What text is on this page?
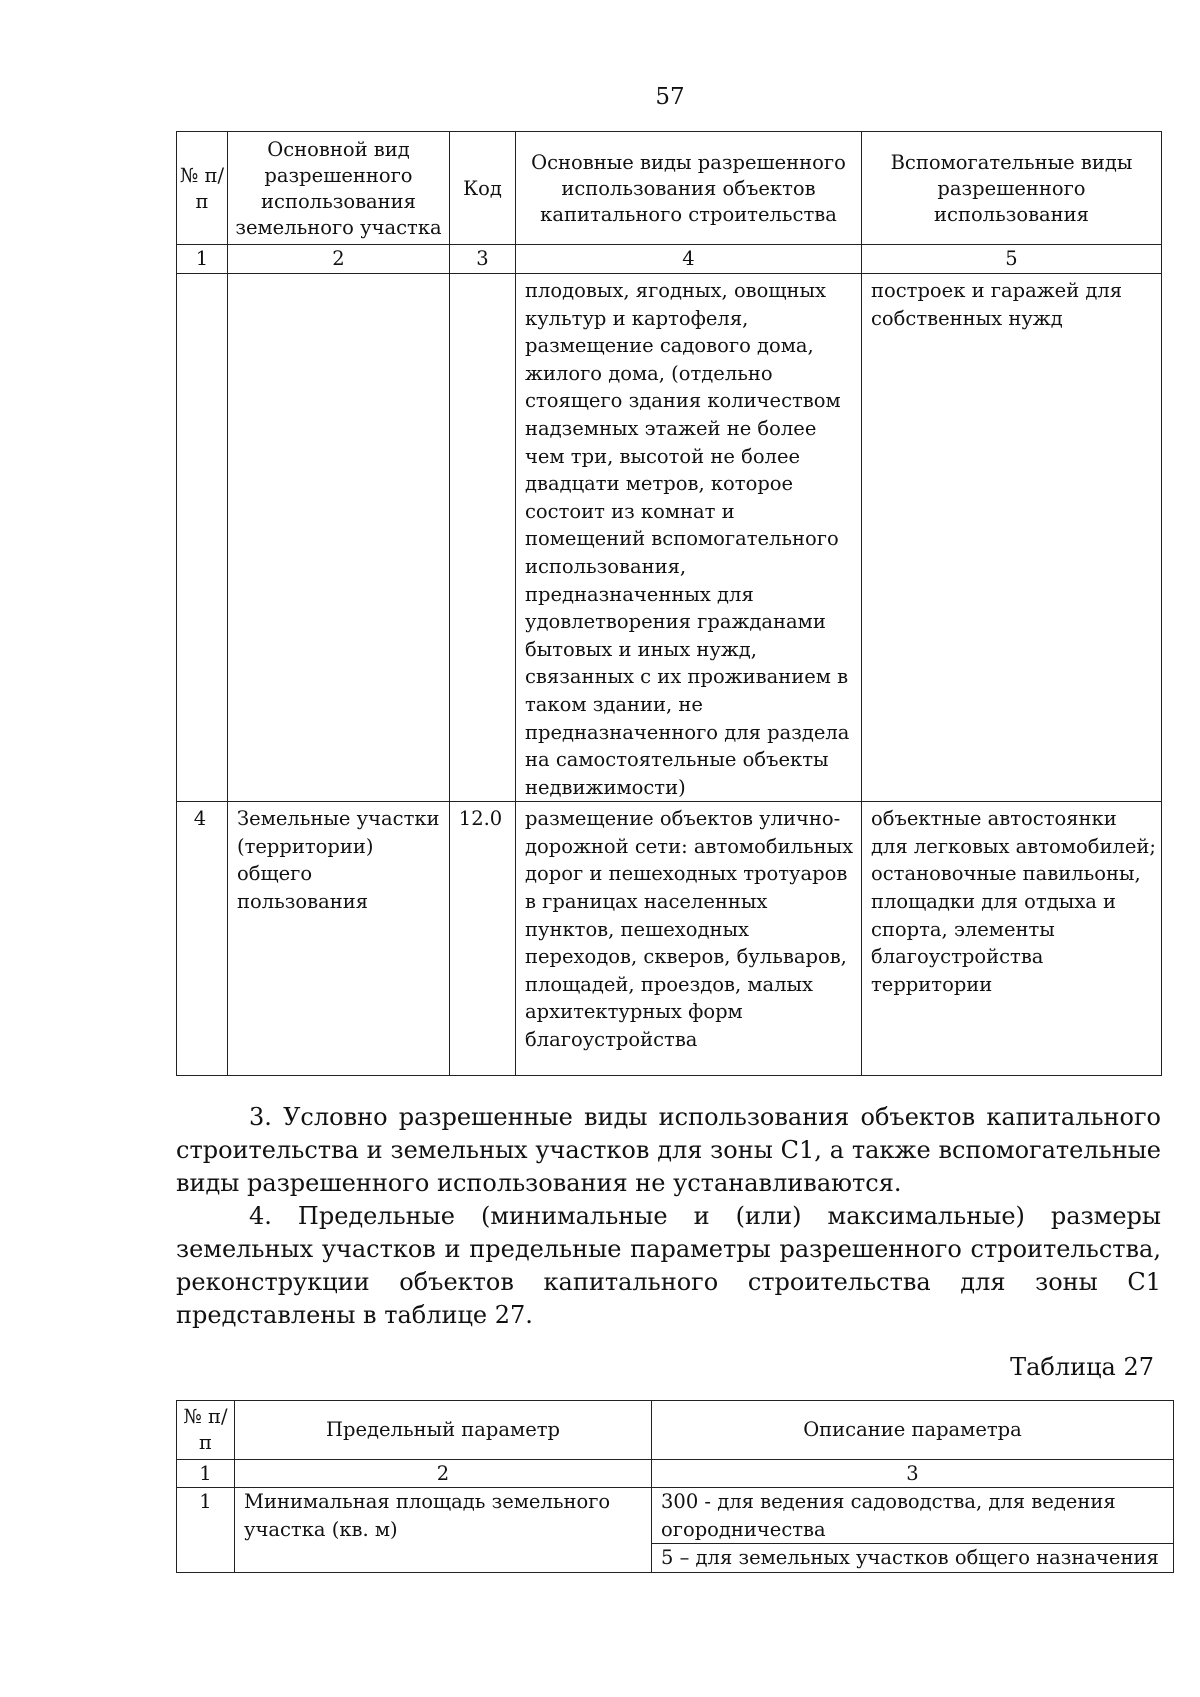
57
№ п/п	Основной вид разрешенного использования земельного участка	Код	Основные виды разрешенного использования объектов капитального строительства	Вспомогательные виды разрешенного использования
1	2	3	4	5
			плодовых, ягодных, овощных культур и картофеля, размещение садового дома, жилого дома, (отдельно стоящего здания количеством надземных этажей не более чем три, высотой не более двадцати метров, которое состоит из комнат и помещений вспомогательного использования, предназначенных для удовлетворения гражданами бытовых и иных нужд, связанных с их проживанием в таком здании, не предназначенного для раздела на самостоятельные объекты недвижимости)	построек и гаражей для собственных нужд
4	Земельные участки (территории) общего пользования	12.0	размещение объектов улично-дорожной сети: автомобильных дорог и пешеходных тротуаров в границах населенных пунктов, пешеходных переходов, скверов, бульваров, площадей, проездов, малых архитектурных форм благоустройства	объектные автостоянки для легковых автомобилей; остановочные павильоны, площадки для отдыха и спорта, элементы благоустройства территории

3. Условно разрешенные виды использования объектов капитального строительства и земельных участков для зоны С1, а также вспомогательные виды разрешенного использования не устанавливаются.

4. Предельные (минимальные и (или) максимальные) размеры земельных участков и предельные параметры разрешенного строительства, реконструкции объектов капитального строительства для зоны С1 представлены в таблице 27.

Таблица 27
№ п/п	Предельный параметр	Описание параметра
1	2	3
1	Минимальная площадь земельного участка (кв. м)	300 - для ведения садоводства, для ведения огородничества
		5 – для земельных участков общего назначения
